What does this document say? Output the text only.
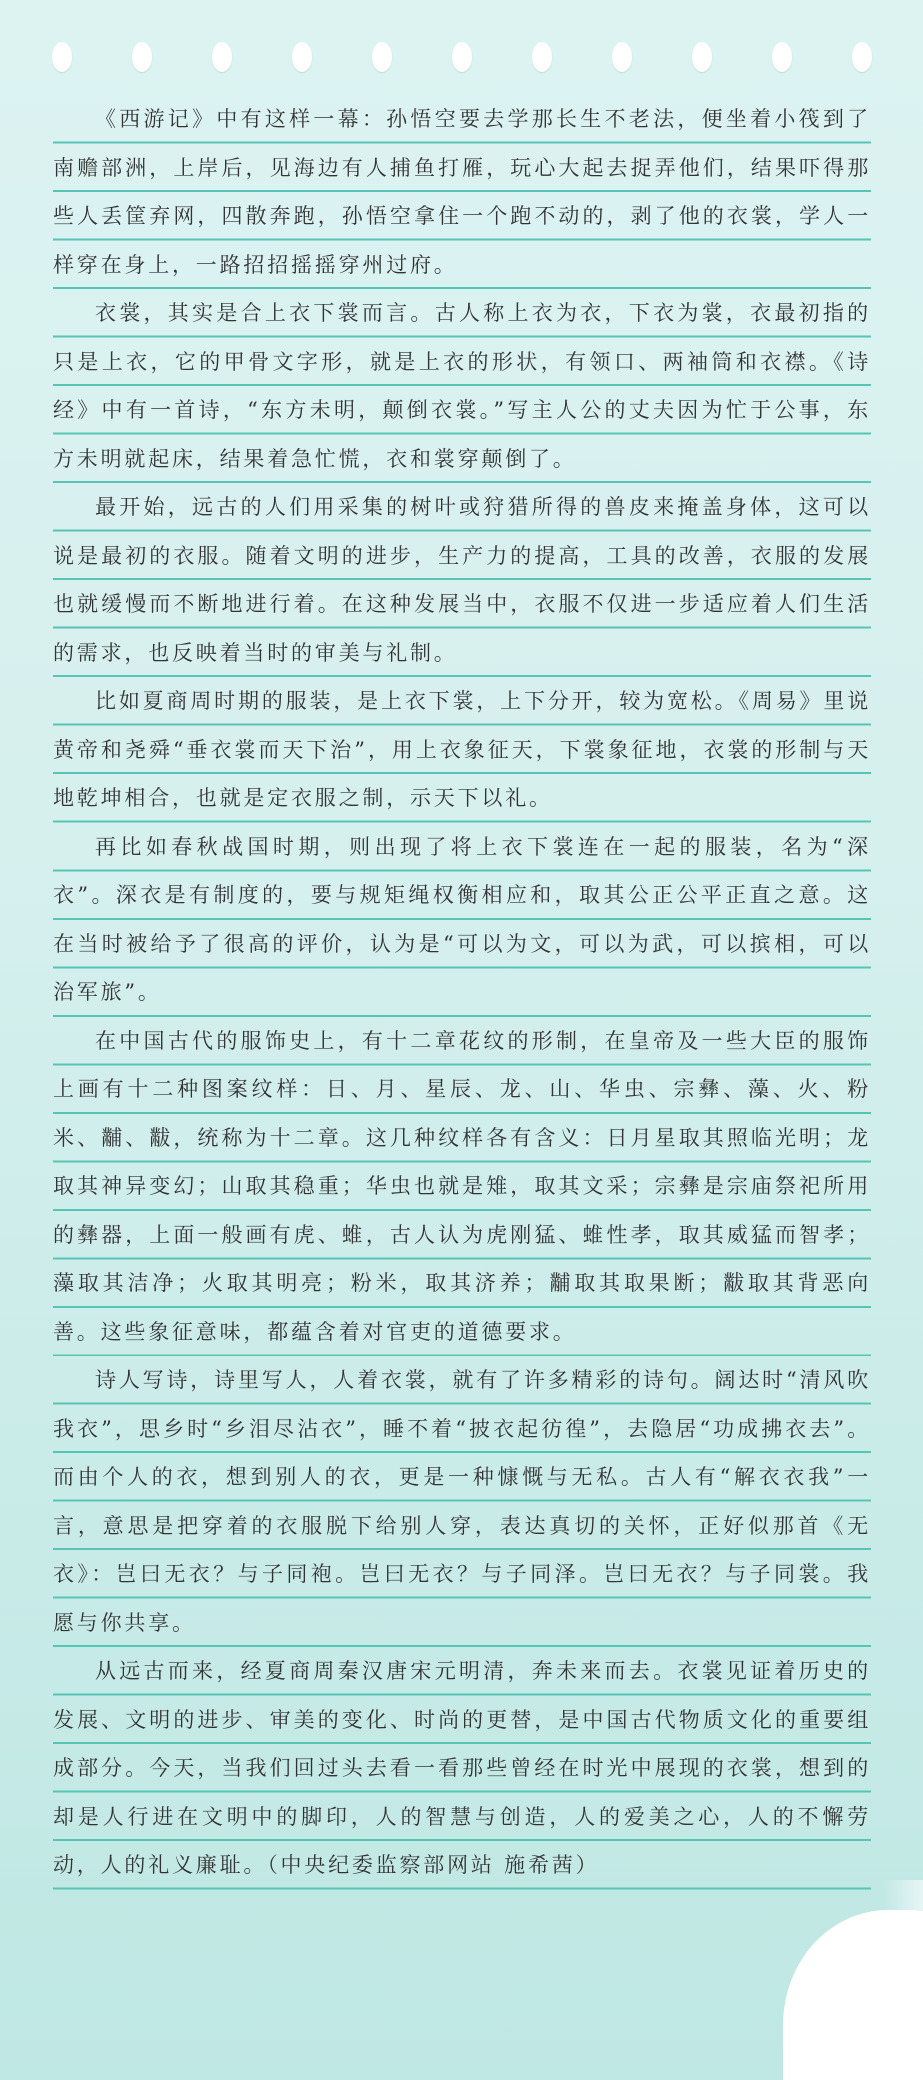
《西游记》中有这样一幕：孙悟空要去学那长生不老法，便坐着小筏到了南赡部洲，上岸后，见海边有人捕鱼打雁，玩心大起去捉弄他们，结果吓得那些人丢筐弃网，四散奔跑，孙悟空拿住一个跑不动的，剥了他的衣裳，学人一样穿在身上，一路招招摇摇穿州过府。

衣裳，其实是合上衣下裳而言。古人称上衣为衣，下衣为裳，衣最初指的只是上衣，它的甲骨文字形，就是上衣的形状，有领口、两袖筒和衣襟。《诗经》中有一首诗，“东方未明，颠倒衣裳。”写主人公的丈夫因为忙于公事，东方未明就起床，结果着急忙慌，衣和裳穿颠倒了。

最开始，远古的人们用采集的树叶或狩猎所得的兽皮来掩盖身体，这可以说是最初的衣服。随着文明的进步，生产力的提高，工具的改善，衣服的发展也就缓慢而不断地进行着。在这种发展当中，衣服不仅进一步适应着人们生活的需求，也反映着当时的审美与礼制。

比如夏商周时期的服装，是上衣下裳，上下分开，较为宽松。《周易》里说黄帝和尧舜“垂衣裳而天下治”，用上衣象征天，下裳象征地，衣裳的形制与天地乾坤相合，也就是定衣服之制，示天下以礼。

再比如春秋战国时期，则出现了将上衣下裳连在一起的服装，名为“深衣”。深衣是有制度的，要与规矩绳权衡相应和，取其公正公平正直之意。这在当时被给予了很高的评价，认为是“可以为文，可以为武，可以摈相，可以治军旅”。

在中国古代的服饰史上，有十二章花纹的形制，在皇帝及一些大臣的服饰上画有十二种图案纹样：日、月、星辰、龙、山、华虫、宗彝、藻、火、粉米、黼、黻，统称为十二章。这几种纹样各有含义：日月星取其照临光明；龙取其神异变幻；山取其稳重；华虫也就是雉，取其文采；宗彝是宗庙祭祀所用的彝器，上面一般画有虎、蜼，古人认为虎刚猛、蜼性孝，取其威猛而智孝；藻取其洁净；火取其明亮；粉米，取其济养；黼取其取果断；黻取其背恶向善。这些象征意味，都蕴含着对官吏的道德要求。

诗人写诗，诗里写人，人着衣裳，就有了许多精彩的诗句。阔达时“清风吹我衣”，思乡时“乡泪尽沾衣”，睡不着“披衣起彷徨”，去隐居“功成拂衣去”。而由个人的衣，想到别人的衣，更是一种慷慨与无私。古人有“解衣衣我”一言，意思是把穿着的衣服脱下给别人穿，表达真切的关怀，正好似那首《无衣》：岂曰无衣？与子同袍。岂曰无衣？与子同泽。岂曰无衣？与子同裳。我愿与你共享。

从远古而来，经夏商周秦汉唐宋元明清，奔未来而去。衣裳见证着历史的发展、文明的进步、审美的变化、时尚的更替，是中国古代物质文化的重要组成部分。今天，当我们回过头去看一看那些曾经在时光中展现的衣裳，想到的却是人行进在文明中的脚印，人的智慧与创造，人的爱美之心，人的不懈劳动，人的礼义廉耻。（中央纪委监察部网站 施希茜）
